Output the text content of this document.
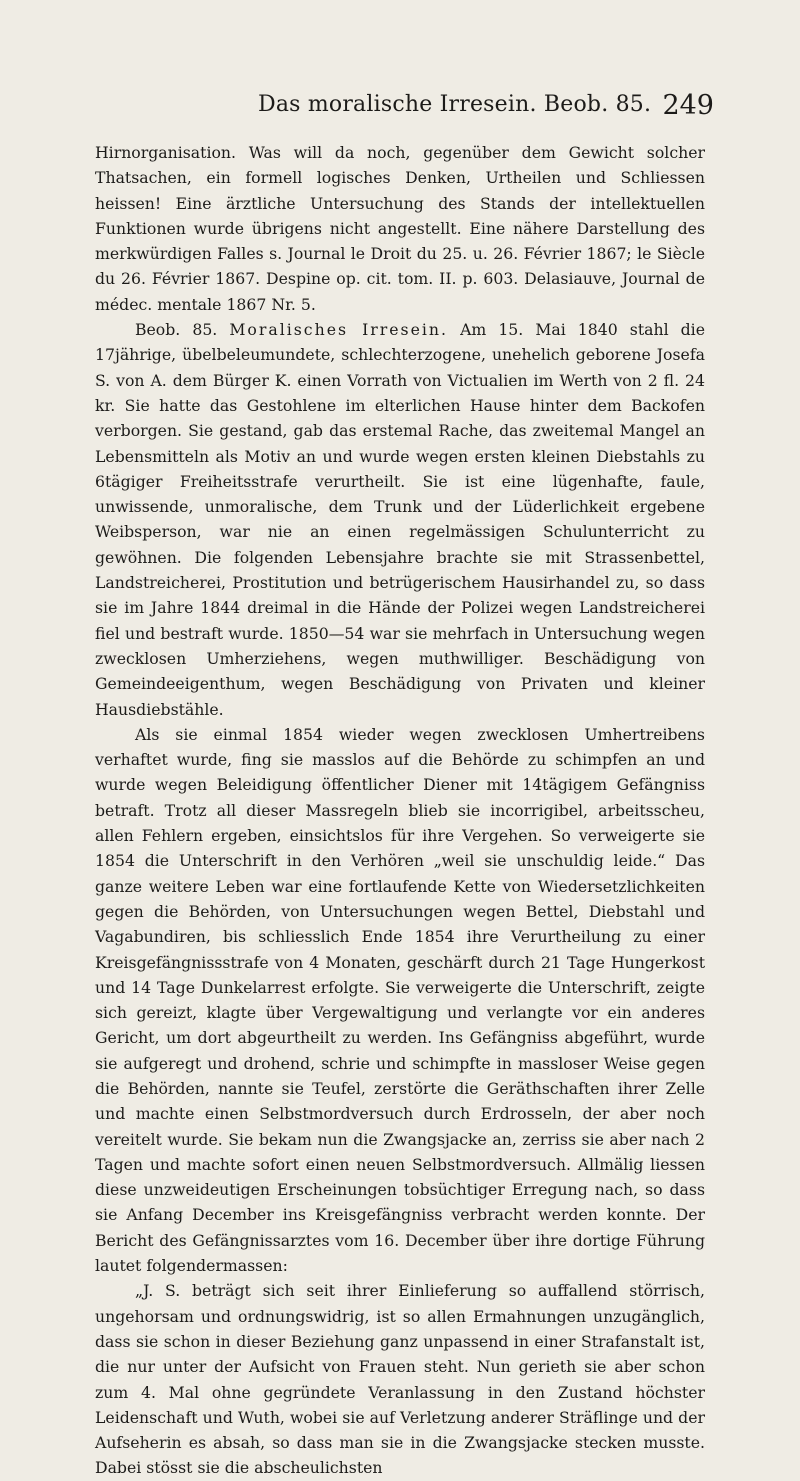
Das moralische Irresein. Beob. 85. 249

Hirnorganisation. Was will da noch, gegenüber dem Gewicht solcher Thatsachen, ein formell logisches Denken, Urtheilen und Schliessen heissen! Eine ärztliche Untersuchung des Stands der intellektuellen Funktionen wurde übrigens nicht angestellt. Eine nähere Darstellung des merkwürdigen Falles s. Journal le Droit du 25. u. 26. Février 1867; le Siècle du 26. Février 1867. Despine op. cit. tom. II. p. 603. Delasiauve, Journal de médec. mentale 1867 Nr. 5.

Beob. 85. Moralisches Irresein. Am 15. Mai 1840 stahl die 17jährige, übelbeleumundete, schlechterzogene, unehelich geborene Josefa S. von A. dem Bürger K. einen Vorrath von Victualien im Werth von 2 fl. 24 kr. Sie hatte das Gestohlene im elterlichen Hause hinter dem Backofen verborgen. Sie gestand, gab das erstemal Rache, das zweitemal Mangel an Lebensmitteln als Motiv an und wurde wegen ersten kleinen Diebstahls zu 6tägiger Freiheitsstrafe verurtheilt. Sie ist eine lügenhafte, faule, unwissende, unmoralische, dem Trunk und der Lüderlichkeit ergebene Weibsperson, war nie an einen regelmässigen Schulunterricht zu gewöhnen. Die folgenden Lebensjahre brachte sie mit Strassenbettel, Landstreicherei, Prostitution und betrügerischem Hausirhandel zu, so dass sie im Jahre 1844 dreimal in die Hände der Polizei wegen Landstreicherei fiel und bestraft wurde. 1850—54 war sie mehrfach in Untersuchung wegen zwecklosen Umherziehens, wegen muthwilliger. Beschädigung von Gemeindeeigenthum, wegen Beschädigung von Privaten und kleiner Hausdiebstähle.

Als sie einmal 1854 wieder wegen zwecklosen Umhertreibens verhaftet wurde, fing sie masslos auf die Behörde zu schimpfen an und wurde wegen Beleidigung öffentlicher Diener mit 14tägigem Gefängniss betraft. Trotz all dieser Massregeln blieb sie incorrigibel, arbeitsscheu, allen Fehlern ergeben, einsichtslos für ihre Vergehen. So verweigerte sie 1854 die Unterschrift in den Verhören „weil sie unschuldig leide.“ Das ganze weitere Leben war eine fortlaufende Kette von Wiedersetzlichkeiten gegen die Behörden, von Untersuchungen wegen Bettel, Diebstahl und Vagabundiren, bis schliesslich Ende 1854 ihre Verurtheilung zu einer Kreisgefängnissstrafe von 4 Monaten, geschärft durch 21 Tage Hungerkost und 14 Tage Dunkelarrest erfolgte. Sie verweigerte die Unterschrift, zeigte sich gereizt, klagte über Vergewaltigung und verlangte vor ein anderes Gericht, um dort abgeurtheilt zu werden. Ins Gefängniss abgeführt, wurde sie aufgeregt und drohend, schrie und schimpfte in massloser Weise gegen die Behörden, nannte sie Teufel, zerstörte die Geräthschaften ihrer Zelle und machte einen Selbstmordversuch durch Erdrosseln, der aber noch vereitelt wurde. Sie bekam nun die Zwangsjacke an, zerriss sie aber nach 2 Tagen und machte sofort einen neuen Selbstmordversuch. Allmälig liessen diese unzweideutigen Erscheinungen tobsüchtiger Erregung nach, so dass sie Anfang December ins Kreisgefängniss verbracht werden konnte. Der Bericht des Gefängnissarztes vom 16. December über ihre dortige Führung lautet folgendermassen:

„J. S. beträgt sich seit ihrer Einlieferung so auffallend störrisch, ungehorsam und ordnungswidrig, ist so allen Ermahnungen unzugänglich, dass sie schon in dieser Beziehung ganz unpassend in einer Strafanstalt ist, die nur unter der Aufsicht von Frauen steht. Nun gerieth sie aber schon zum 4. Mal ohne gegründete Veranlassung in den Zustand höchster Leidenschaft und Wuth, wobei sie auf Verletzung anderer Sträflinge und der Aufseherin es absah, so dass man sie in die Zwangsjacke stecken musste. Dabei stösst sie die abscheulichsten
